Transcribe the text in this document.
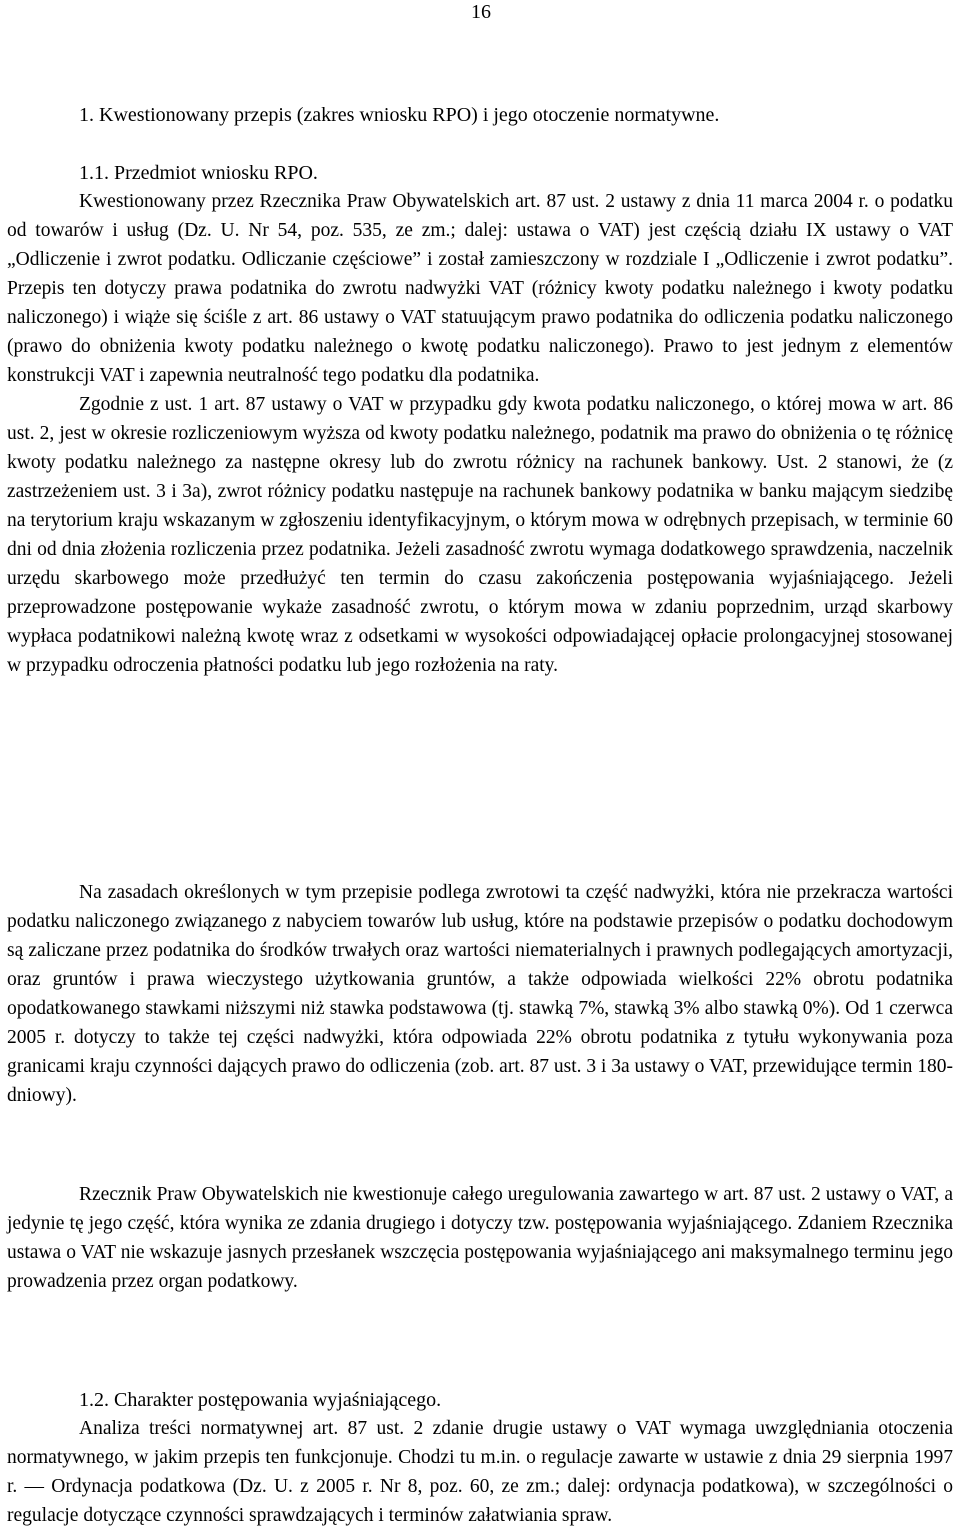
16
1. Kwestionowany przepis (zakres wniosku RPO) i jego otoczenie normatywne.
1.1. Przedmiot wniosku RPO.

Kwestionowany przez Rzecznika Praw Obywatelskich art. 87 ust. 2 ustawy z dnia 11 marca 2004 r. o podatku od towarów i usług (Dz. U. Nr 54, poz. 535, ze zm.; dalej: ustawa o VAT) jest częścią działu IX ustawy o VAT „Odliczenie i zwrot podatku. Odliczanie częściowe” i został zamieszczony w rozdziale I „Odliczenie i zwrot podatku”. Przepis ten dotyczy prawa podatnika do zwrotu nadwyżki VAT (różnicy kwoty podatku należnego i kwoty podatku naliczonego) i wiąże się ściśle z art. 86 ustawy o VAT statuującym prawo podatnika do odliczenia podatku naliczonego (prawo do obniżenia kwoty podatku należnego o kwotę podatku naliczonego). Prawo to jest jednym z elementów konstrukcji VAT i zapewnia neutralność tego podatku dla podatnika.

Zgodnie z ust. 1 art. 87 ustawy o VAT w przypadku gdy kwota podatku naliczonego, o której mowa w art. 86 ust. 2, jest w okresie rozliczeniowym wyższa od kwoty podatku należnego, podatnik ma prawo do obniżenia o tę różnicę kwoty podatku należnego za następne okresy lub do zwrotu różnicy na rachunek bankowy. Ust. 2 stanowi, że (z zastrzeżeniem ust. 3 i 3a), zwrot różnicy podatku następuje na rachunek bankowy podatnika w banku mającym siedzibę na terytorium kraju wskazanym w zgłoszeniu identyfikacyjnym, o którym mowa w odrębnych przepisach, w terminie 60 dni od dnia złożenia rozliczenia przez podatnika. Jeżeli zasadność zwrotu wymaga dodatkowego sprawdzenia, naczelnik urzędu skarbowego może przedłużyć ten termin do czasu zakończenia postępowania wyjaśniającego. Jeżeli przeprowadzone postępowanie wykaże zasadność zwrotu, o którym mowa w zdaniu poprzednim, urząd skarbowy wypłaca podatnikowi należną kwotę wraz z odsetkami w wysokości odpowiadającej opłacie prolongacyjnej stosowanej w przypadku odroczenia płatności podatku lub jego rozłożenia na raty.

Na zasadach określonych w tym przepisie podlega zwrotowi ta część nadwyżki, która nie przekracza wartości podatku naliczonego związanego z nabyciem towarów lub usług, które na podstawie przepisów o podatku dochodowym są zaliczane przez podatnika do środków trwałych oraz wartości niematerialnych i prawnych podlegających amortyzacji, oraz gruntów i prawa wieczystego użytkowania gruntów, a także odpowiada wielkości 22% obrotu podatnika opodatkowanego stawkami niższymi niż stawka podstawowa (tj. stawką 7%, stawką 3% albo stawką 0%). Od 1 czerwca 2005 r. dotyczy to także tej części nadwyżki, która odpowiada 22% obrotu podatnika z tytułu wykonywania poza granicami kraju czynności dających prawo do odliczenia (zob. art. 87 ust. 3 i 3a ustawy o VAT, przewidujące termin 180-dniowy).

Rzecznik Praw Obywatelskich nie kwestionuje całego uregulowania zawartego w art. 87 ust. 2 ustawy o VAT, a jedynie tę jego część, która wynika ze zdania drugiego i dotyczy tzw. postępowania wyjaśniającego. Zdaniem Rzecznika ustawa o VAT nie wskazuje jasnych przesłanek wszczęcia postępowania wyjaśniającego ani maksymalnego terminu jego prowadzenia przez organ podatkowy.

1.2. Charakter postępowania wyjaśniającego.

Analiza treści normatywnej art. 87 ust. 2 zdanie drugie ustawy o VAT wymaga uwzględniania otoczenia normatywnego, w jakim przepis ten funkcjonuje. Chodzi tu m.in. o regulacje zawarte w ustawie z dnia 29 sierpnia 1997 r. — Ordynacja podatkowa (Dz. U. z 2005 r. Nr 8, poz. 60, ze zm.; dalej: ordynacja podatkowa), w szczególności o regulacje dotyczące czynności sprawdzających i terminów załatwiania spraw.
